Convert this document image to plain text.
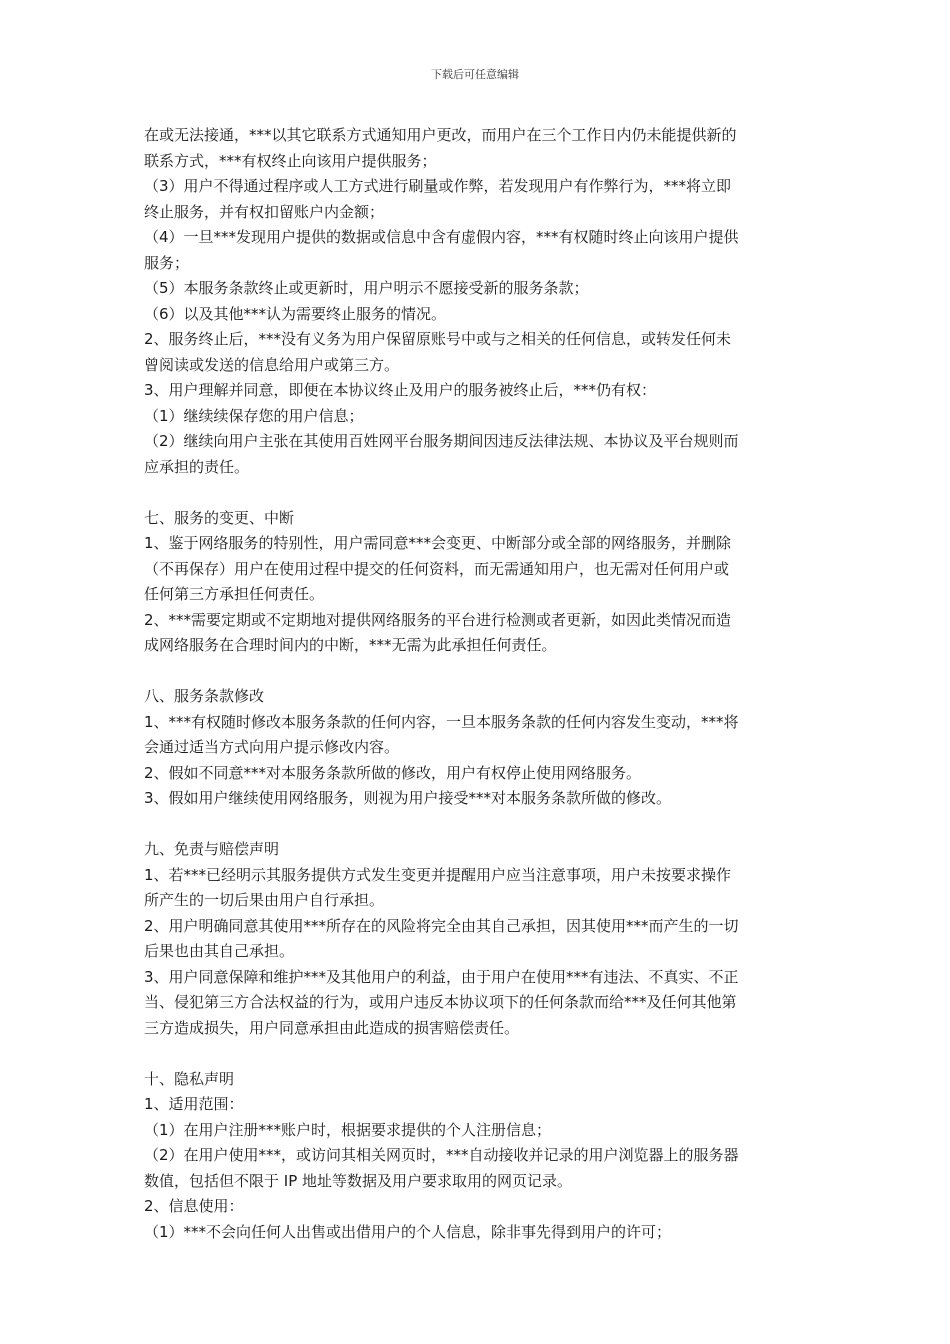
下载后可任意编辑

在或无法接通，***以其它联系方式通知用户更改，而用户在三个工作日内仍未能提供新的

联系方式，***有权终止向该用户提供服务；

（3）用户不得通过程序或人工方式进行刷量或作弊，若发现用户有作弊行为，***将立即

终止服务，并有权扣留账户内金额；

（4）一旦***发现用户提供的数据或信息中含有虚假内容，***有权随时终止向该用户提供

服务；

（5）本服务条款终止或更新时，用户明示不愿接受新的服务条款；

（6）以及其他***认为需要终止服务的情况。

2、服务终止后，***没有义务为用户保留原账号中或与之相关的任何信息，或转发任何未

曾阅读或发送的信息给用户或第三方。

3、用户理解并同意，即便在本协议终止及用户的服务被终止后，***仍有权：

（1）继续续保存您的用户信息；

（2）继续向用户主张在其使用百姓网平台服务期间因违反法律法规、本协议及平台规则而

应承担的责任。

七、服务的变更、中断

1、鉴于网络服务的特别性，用户需同意***会变更、中断部分或全部的网络服务，并删除

（不再保存）用户在使用过程中提交的任何资料，而无需通知用户，也无需对任何用户或

任何第三方承担任何责任。

2、***需要定期或不定期地对提供网络服务的平台进行检测或者更新，如因此类情况而造

成网络服务在合理时间内的中断，***无需为此承担任何责任。

八、服务条款修改

1、***有权随时修改本服务条款的任何内容，一旦本服务条款的任何内容发生变动，***将

会通过适当方式向用户提示修改内容。

2、假如不同意***对本服务条款所做的修改，用户有权停止使用网络服务。

3、假如用户继续使用网络服务，则视为用户接受***对本服务条款所做的修改。

九、免责与赔偿声明

1、若***已经明示其服务提供方式发生变更并提醒用户应当注意事项，用户未按要求操作

所产生的一切后果由用户自行承担。

2、用户明确同意其使用***所存在的风险将完全由其自己承担，因其使用***而产生的一切

后果也由其自己承担。

3、用户同意保障和维护***及其他用户的利益，由于用户在使用***有违法、不真实、不正

当、侵犯第三方合法权益的行为，或用户违反本协议项下的任何条款而给***及任何其他第

三方造成损失，用户同意承担由此造成的损害赔偿责任。

十、隐私声明

1、适用范围：

（1）在用户注册***账户时，根据要求提供的个人注册信息；

（2）在用户使用***，或访问其相关网页时，***自动接收并记录的用户浏览器上的服务器

数值，包括但不限于 IP 地址等数据及用户要求取用的网页记录。

2、信息使用：

（1）***不会向任何人出售或出借用户的个人信息，除非事先得到用户的许可；
